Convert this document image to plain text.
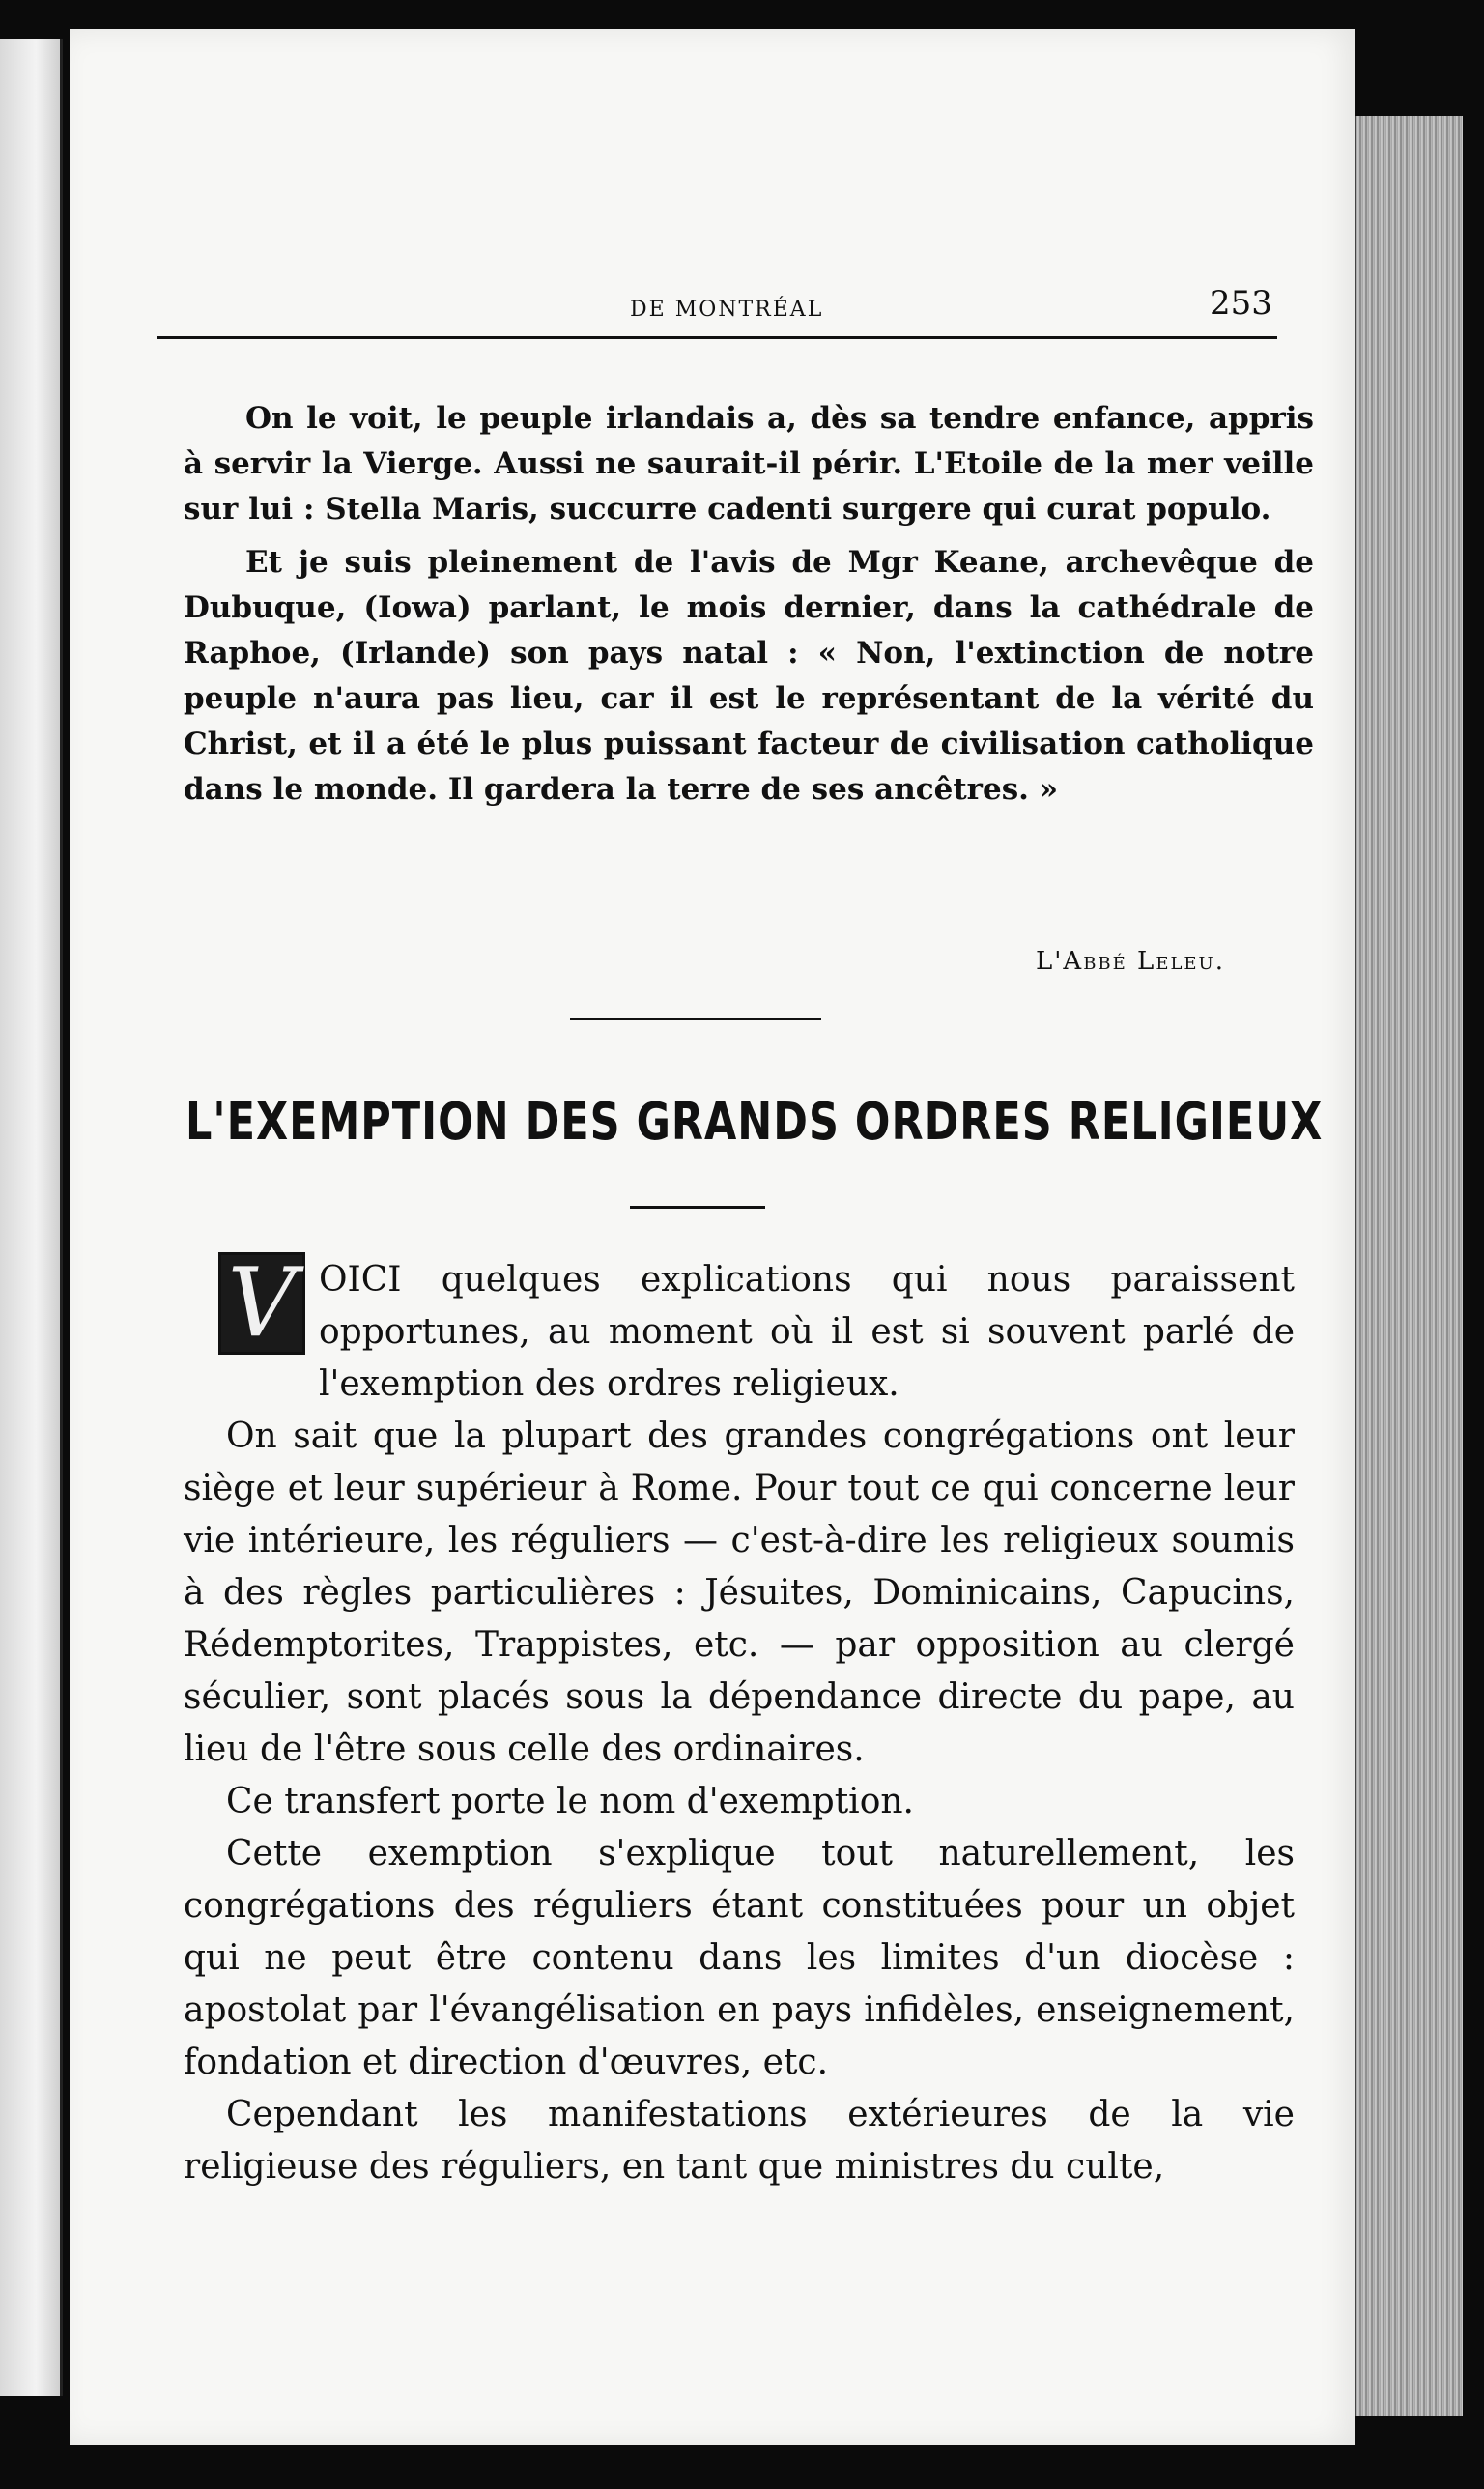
DE MONTRÉAL	253

On le voit, le peuple irlandais a, dès sa tendre enfance, appris à servir la Vierge. Aussi ne saurait-il périr. L'Etoile de la mer veille sur lui : Stella Maris, succurre cadenti surgere qui curat populo.

Et je suis pleinement de l'avis de Mgr Keane, archevêque de Dubuque, (Iowa) parlant, le mois dernier, dans la cathédrale de Raphoe, (Irlande) son pays natal : « Non, l'extinction de notre peuple n'aura pas lieu, car il est le représentant de la vérité du Christ, et il a été le plus puissant facteur de civilisation catholique dans le monde. Il gardera la terre de ses ancêtres. »

L'Abbé Leleu.
L'EXEMPTION DES GRANDS ORDRES RELIGIEUX
V OICI quelques explications qui nous paraissent opportunes, au moment où il est si souvent parlé de l'exemption des ordres religieux.

On sait que la plupart des grandes congrégations ont leur siège et leur supérieur à Rome. Pour tout ce qui concerne leur vie intérieure, les réguliers — c'est-à-dire les religieux soumis à des règles particulières : Jésuites, Dominicains, Capucins, Rédemptorites, Trappistes, etc. — par opposition au clergé séculier, sont placés sous la dépendance directe du pape, au lieu de l'être sous celle des ordinaires.

Ce transfert porte le nom d'exemption.

Cette exemption s'explique tout naturellement, les congrégations des réguliers étant constituées pour un objet qui ne peut être contenu dans les limites d'un diocèse : apostolat par l'évangélisation en pays infidèles, enseignement, fondation et direction d'œuvres, etc.

Cependant les manifestations extérieures de la vie religieuse des réguliers, en tant que ministres du culte,
